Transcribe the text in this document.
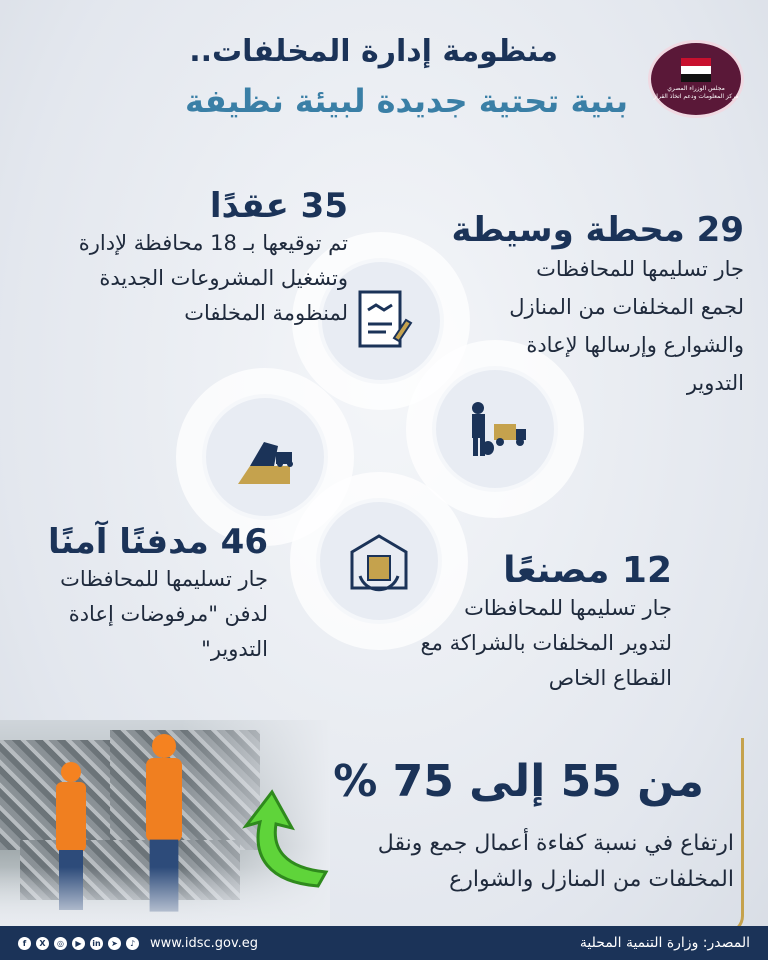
مجلس الوزراء المصري
مركز المعلومات ودعم اتخاذ القرار
منظومة إدارة المخلفات..
بنية تحتية جديدة لبيئة نظيفة
35 عقدًا
تم توقيعها بـ 18 محافظة لإدارة وتشغيل المشروعات الجديدة لمنظومة المخلفات
29 محطة وسيطة
جار تسليمها للمحافظات لجمع المخلفات من المنازل والشوارع وإرسالها لإعادة التدوير
46 مدفنًا آمنًا
جار تسليمها للمحافظات لدفن "مرفوضات إعادة التدوير"
12 مصنعًا
جار تسليمها للمحافظات لتدوير المخلفات بالشراكة مع القطاع الخاص
من 55 إلى 75 %
ارتفاع في نسبة كفاءة أعمال جمع ونقل المخلفات من المنازل والشوارع
المصدر: وزارة التنمية المحلية
f	X	◎	▶	in	➤	♪	www.idsc.gov.eg
